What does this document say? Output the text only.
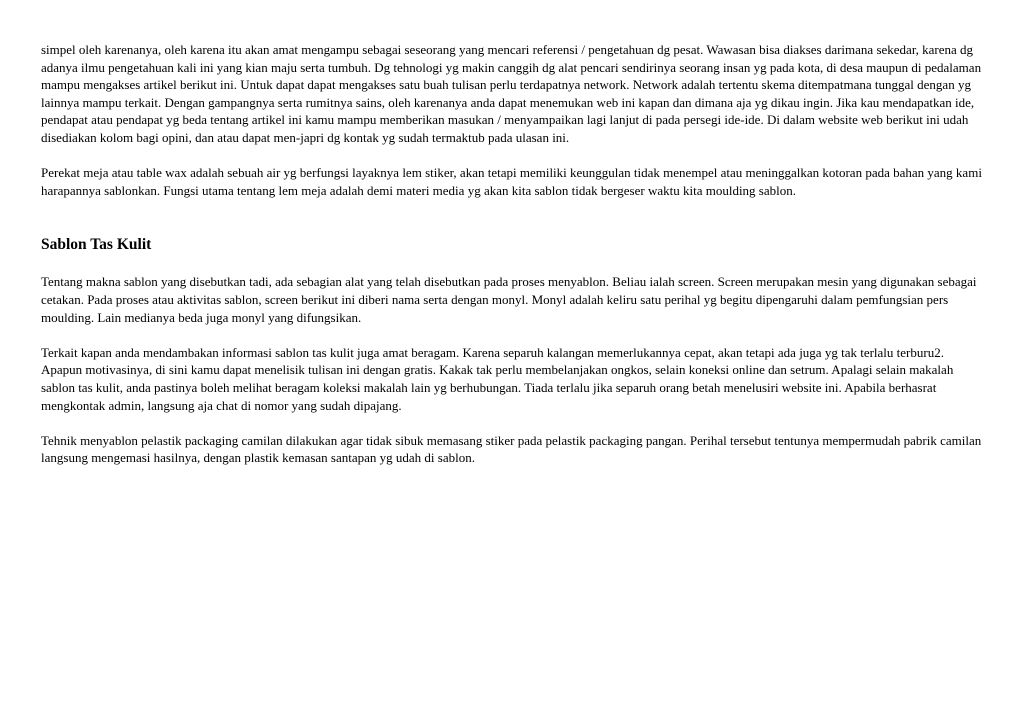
simpel oleh karenanya, oleh karena itu akan amat mengampu sebagai seseorang yang mencari referensi / pengetahuan dg pesat. Wawasan bisa diakses darimana sekedar, karena dg adanya ilmu pengetahuan kali ini yang kian maju serta tumbuh. Dg tehnologi yg makin canggih dg alat pencari sendirinya seorang insan yg pada kota, di desa maupun di pedalaman mampu mengakses artikel berikut ini. Untuk dapat dapat mengakses satu buah tulisan perlu terdapatnya network. Network adalah tertentu skema ditempatmana tunggal dengan yg lainnya mampu terkait. Dengan gampangnya serta rumitnya sains, oleh karenanya anda dapat menemukan web ini kapan dan dimana aja yg dikau ingin. Jika kau mendapatkan ide, pendapat atau pendapat yg beda tentang artikel ini kamu mampu memberikan masukan / menyampaikan lagi lanjut di pada persegi ide-ide. Di dalam website web berikut ini udah disediakan kolom bagi opini, dan atau dapat men-japri dg kontak yg sudah termaktub pada ulasan ini.

Perekat meja atau table wax adalah sebuah air yg berfungsi layaknya lem stiker, akan tetapi memiliki keunggulan tidak menempel atau meninggalkan kotoran pada bahan yang kami harapannya sablonkan. Fungsi utama tentang lem meja adalah demi materi media yg akan kita sablon tidak bergeser waktu kita moulding sablon.

Sablon Tas Kulit

Tentang makna sablon yang disebutkan tadi, ada sebagian alat yang telah disebutkan pada proses menyablon. Beliau ialah screen. Screen merupakan mesin yang digunakan sebagai cetakan. Pada proses atau aktivitas sablon, screen berikut ini diberi nama serta dengan monyl. Monyl adalah keliru satu perihal yg begitu dipengaruhi dalam pemfungsian pers moulding. Lain medianya beda juga monyl yang difungsikan.

Terkait kapan anda mendambakan informasi sablon tas kulit juga amat beragam. Karena separuh kalangan memerlukannya cepat, akan tetapi ada juga yg tak terlalu terburu2. Apapun motivasinya, di sini kamu dapat menelisik tulisan ini dengan gratis. Kakak tak perlu membelanjakan ongkos, selain koneksi online dan setrum. Apalagi selain makalah sablon tas kulit, anda pastinya boleh melihat beragam koleksi makalah lain yg berhubungan. Tiada terlalu jika separuh orang betah menelusiri website ini. Apabila berhasrat mengkontak admin, langsung aja chat di nomor yang sudah dipajang.

Tehnik menyablon pelastik packaging camilan dilakukan agar tidak sibuk memasang stiker pada pelastik packaging pangan. Perihal tersebut tentunya mempermudah pabrik camilan langsung mengemasi hasilnya, dengan plastik kemasan santapan yg udah di sablon.
